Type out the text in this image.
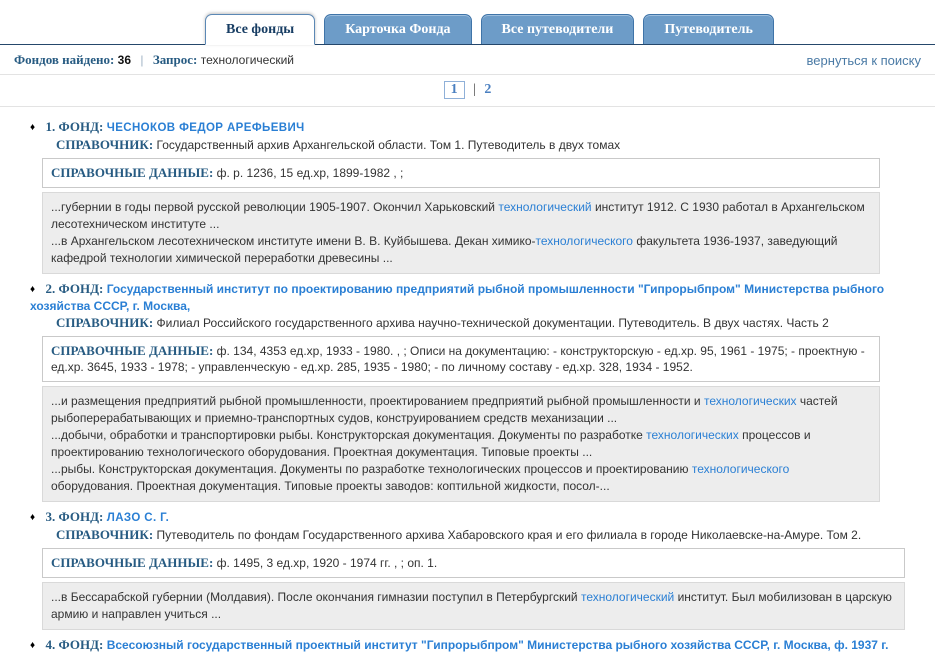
Все фонды	Карточка Фонда	Все путеводители	Путеводитель
Фондов найдено: 36 | Запрос: технологический	вернуться к поиску
1 | 2
♦ 1. ФОНД: ЧЕСНОКОВ ФЕДОР АРЕФЬЕВИЧ
СПРАВОЧНИК: Государственный архив Архангельской области. Том 1. Путеводитель в двух томах
СПРАВОЧНЫЕ ДАННЫЕ: ф. р. 1236, 15 ед.хр, 1899-1982 , ;
...губернии в годы первой русской революции 1905-1907. Окончил Харьковский технологический институт 1912. С 1930 работал в Архангельском лесотехническом институте ...
...в Архангельском лесотехническом институте имени В. В. Куйбышева. Декан химико-технологического факультета 1936-1937, заведующий кафедрой технологии химической переработки древесины ...
♦ 2. ФОНД: Государственный институт по проектированию предприятий рыбной промышленности "Гипрорыбпром" Министерства рыбного хозяйства СССР, г. Москва,
СПРАВОЧНИК: Филиал Российского государственного архива научно-технической документации. Путеводитель. В двух частях. Часть 2
СПРАВОЧНЫЕ ДАННЫЕ: ф. 134, 4353 ед.хр, 1933 - 1980. , ; Описи на документацию: - конструкторскую - ед.хр. 95, 1961 - 1975; - проектную - ед.хр. 3645, 1933 - 1978; - управленческую - ед.хр. 285, 1935 - 1980; - по личному составу - ед.хр. 328, 1934 - 1952.
...и размещения предприятий рыбной промышленности, проектированием предприятий рыбной промышленности и технологических частей рыбоперерабатывающих и приемно-транспортных судов, конструированием средств механизации ...
...добычи, обработки и транспортировки рыбы. Конструкторская документация. Документы по разработке технологических процессов и проектированию технологического оборудования. Проектная документация. Типовые проекты ...
...рыбы. Конструкторская документация. Документы по разработке технологических процессов и проектированию технологического оборудования. Проектная документация. Типовые проекты заводов: коптильной жидкости, посол-...
♦ 3. ФОНД: ЛАЗО С. Г.
СПРАВОЧНИК: Путеводитель по фондам Государственного архива Хабаровского края и его филиала в городе Николаевске-на-Амуре. Том 2.
СПРАВОЧНЫЕ ДАННЫЕ: ф. 1495, 3 ед.хр, 1920 - 1974 гг. , ; оп. 1.
...в Бессарабской губернии (Молдавия). После окончания гимназии поступил в Петербургский технологический институт. Был мобилизован в царскую армию и направлен учиться ...
♦ 4. ФОНД: Всесоюзный государственный проектный институт "Гипрорыбпром" Министерства рыбного хозяйства СССР, г. Москва, ф. 1937 г.
